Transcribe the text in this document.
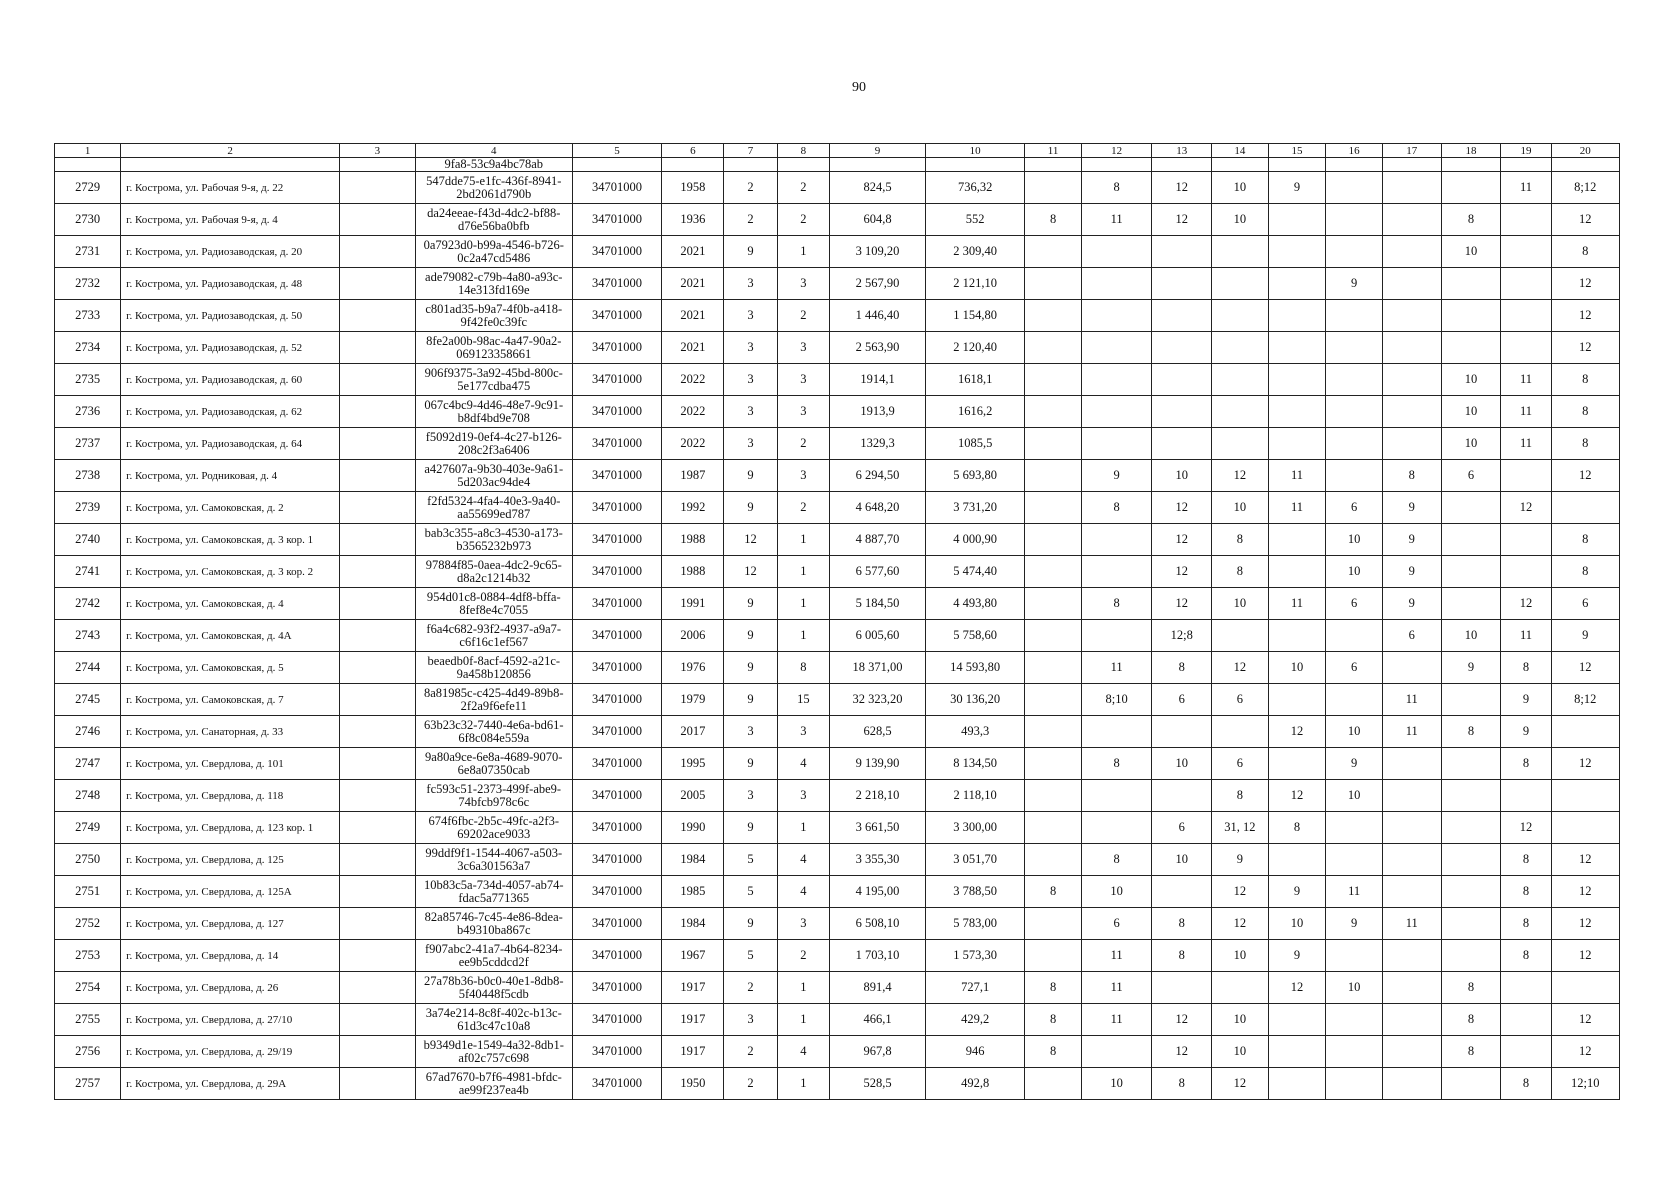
90
1	2	3	4	5	6	7	8	9	10	11	12	13	14	15	16	17	18	19	20
			9fa8-53c9a4bc78ab																
2729	г. Кострома, ул. Рабочая 9-я, д. 22		547dde75-e1fc-436f-8941-2bd2061d790b	34701000	1958	2	2	824,5	736,32		8	12	10	9				11	8;12
2730	г. Кострома, ул. Рабочая 9-я, д. 4		da24eeae-f43d-4dc2-bf88-d76e56ba0bfb	34701000	1936	2	2	604,8	552	8	11	12	10				8		12
2731	г. Кострома, ул. Радиозаводская, д. 20		0a7923d0-b99a-4546-b726-0c2a47cd5486	34701000	2021	9	1	3 109,20	2 309,40								10		8
2732	г. Кострома, ул. Радиозаводская, д. 48		ade79082-c79b-4a80-a93c-14e313fd169e	34701000	2021	3	3	2 567,90	2 121,10						9				12
2733	г. Кострома, ул. Радиозаводская, д. 50		c801ad35-b9a7-4f0b-a418-9f42fe0c39fc	34701000	2021	3	2	1 446,40	1 154,80										12
2734	г. Кострома, ул. Радиозаводская, д. 52		8fe2a00b-98ac-4a47-90a2-069123358661	34701000	2021	3	3	2 563,90	2 120,40										12
2735	г. Кострома, ул. Радиозаводская, д. 60		906f9375-3a92-45bd-800c-5e177cdba475	34701000	2022	3	3	1914,1	1618,1								10	11	8
2736	г. Кострома, ул. Радиозаводская, д. 62		067c4bc9-4d46-48e7-9c91-b8df4bd9e708	34701000	2022	3	3	1913,9	1616,2								10	11	8
2737	г. Кострома, ул. Радиозаводская, д. 64		f5092d19-0ef4-4c27-b126-208c2f3a6406	34701000	2022	3	2	1329,3	1085,5								10	11	8
2738	г. Кострома, ул. Родниковая, д. 4		a427607a-9b30-403e-9a61-5d203ac94de4	34701000	1987	9	3	6 294,50	5 693,80		9	10	12	11		8	6		12
2739	г. Кострома, ул. Самоковская, д. 2		f2fd5324-4fa4-40e3-9a40-aa55699ed787	34701000	1992	9	2	4 648,20	3 731,20		8	12	10	11	6	9		12	
2740	г. Кострома, ул. Самоковская, д. 3 кор. 1		bab3c355-a8c3-4530-a173-b3565232b973	34701000	1988	12	1	4 887,70	4 000,90			12	8		10	9			8
2741	г. Кострома, ул. Самоковская, д. 3 кор. 2		97884f85-0aea-4dc2-9c65-d8a2c1214b32	34701000	1988	12	1	6 577,60	5 474,40			12	8		10	9			8
2742	г. Кострома, ул. Самоковская, д. 4		954d01c8-0884-4df8-bffa-8fef8e4c7055	34701000	1991	9	1	5 184,50	4 493,80		8	12	10	11	6	9		12	6
2743	г. Кострома, ул. Самоковская, д. 4А		f6a4c682-93f2-4937-a9a7-c6f16c1ef567	34701000	2006	9	1	6 005,60	5 758,60			12;8				6	10	11	9
2744	г. Кострома, ул. Самоковская, д. 5		beaedb0f-8acf-4592-a21c-9a458b120856	34701000	1976	9	8	18 371,00	14 593,80		11	8	12	10	6		9	8	12
2745	г. Кострома, ул. Самоковская, д. 7		8a81985c-c425-4d49-89b8-2f2a9f6efe11	34701000	1979	9	15	32 323,20	30 136,20		8;10	6	6			11		9	8;12
2746	г. Кострома, ул. Санаторная, д. 33		63b23c32-7440-4e6a-bd61-6f8c084e559a	34701000	2017	3	3	628,5	493,3					12	10	11	8	9	
2747	г. Кострома, ул. Свердлова, д. 101		9a80a9ce-6e8a-4689-9070-6e8a07350cab	34701000	1995	9	4	9 139,90	8 134,50		8	10	6		9			8	12
2748	г. Кострома, ул. Свердлова, д. 118		fc593c51-2373-499f-abe9-74bfcb978c6c	34701000	2005	3	3	2 218,10	2 118,10				8	12	10				
2749	г. Кострома, ул. Свердлова, д. 123 кор. 1		674f6fbc-2b5c-49fc-a2f3-69202ace9033	34701000	1990	9	1	3 661,50	3 300,00			6	31, 12	8				12	
2750	г. Кострома, ул. Свердлова, д. 125		99ddf9f1-1544-4067-a503-3c6a301563a7	34701000	1984	5	4	3 355,30	3 051,70		8	10	9					8	12
2751	г. Кострома, ул. Свердлова, д. 125А		10b83c5a-734d-4057-ab74-fdac5a771365	34701000	1985	5	4	4 195,00	3 788,50	8	10		12	9	11			8	12
2752	г. Кострома, ул. Свердлова, д. 127		82a85746-7c45-4e86-8dea-b49310ba867c	34701000	1984	9	3	6 508,10	5 783,00		6	8	12	10	9	11		8	12
2753	г. Кострома, ул. Свердлова, д. 14		f907abc2-41a7-4b64-8234-ee9b5cddcd2f	34701000	1967	5	2	1 703,10	1 573,30		11	8	10	9				8	12
2754	г. Кострома, ул. Свердлова, д. 26		27a78b36-b0c0-40e1-8db8-5f40448f5cdb	34701000	1917	2	1	891,4	727,1	8	11			12	10		8		
2755	г. Кострома, ул. Свердлова, д. 27/10		3a74e214-8c8f-402c-b13c-61d3c47c10a8	34701000	1917	3	1	466,1	429,2	8	11	12	10				8		12
2756	г. Кострома, ул. Свердлова, д. 29/19		b9349d1e-1549-4a32-8db1-af02c757c698	34701000	1917	2	4	967,8	946	8		12	10				8		12
2757	г. Кострома, ул. Свердлова, д. 29А		67ad7670-b7f6-4981-bfdc-ae99f237ea4b	34701000	1950	2	1	528,5	492,8		10	8	12					8	12;10
